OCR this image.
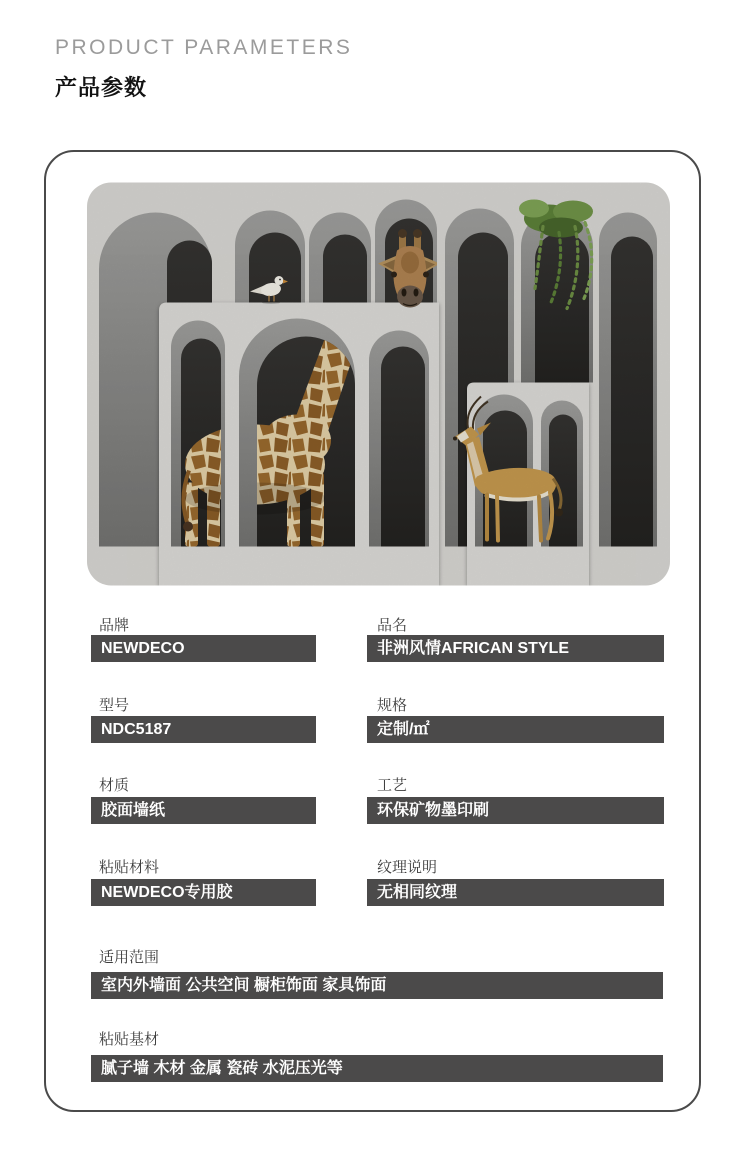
PRODUCT PARAMETERS
产品参数
品牌	品名
NEWDECO	非洲风情AFRICAN STYLE
型号	规格
NDC5187	定制/㎡
材质	工艺
胶面墙纸	环保矿物墨印刷
粘贴材料	纹理说明
NEWDECO专用胶	无相同纹理
适用范围
室内外墙面 公共空间 橱柜饰面 家具饰面
粘贴基材
腻子墙 木材 金属 瓷砖 水泥压光等
